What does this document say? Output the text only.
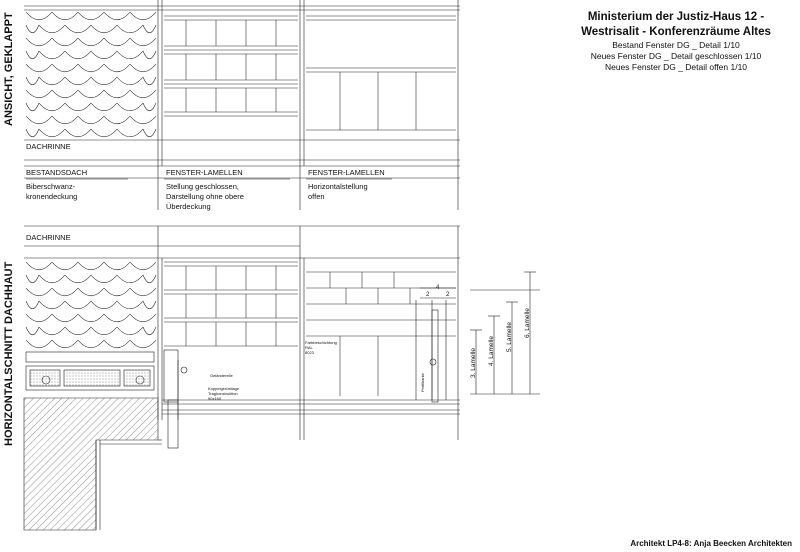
Ministerium der Justiz-Haus 12 -
Westrisalit - Konferenzräume Altes
Bestand Fenster DG _ Detail 1/10
Neues Fenster DG _ Detail geschlossen 1/10
Neues Fenster DG _ Detail offen 1/10
ANSICHT, GEKLAPPT
HORIZONTALSCHNITT DACHHAUT
DACHRINNE
BESTANDSDACH
Biberschwanz-
kronendeckung
FENSTER-LAMELLEN
Stellung geschlossen,
Darstellung ohne obere
Überdeckung
FENSTER-LAMELLEN
Horizontalstellung
offen
DACHRINNE
Geländerelle
Koppelgerüstlage
Tragkonstruktion
50x160
Farbbeschichtung
RAL
8023
Profilkante
2
4
2
3. Lamelle 4. Lamelle 5. Lamelle 6. Lamelle
Architekt LP4-8: Anja Beecken Architekten
